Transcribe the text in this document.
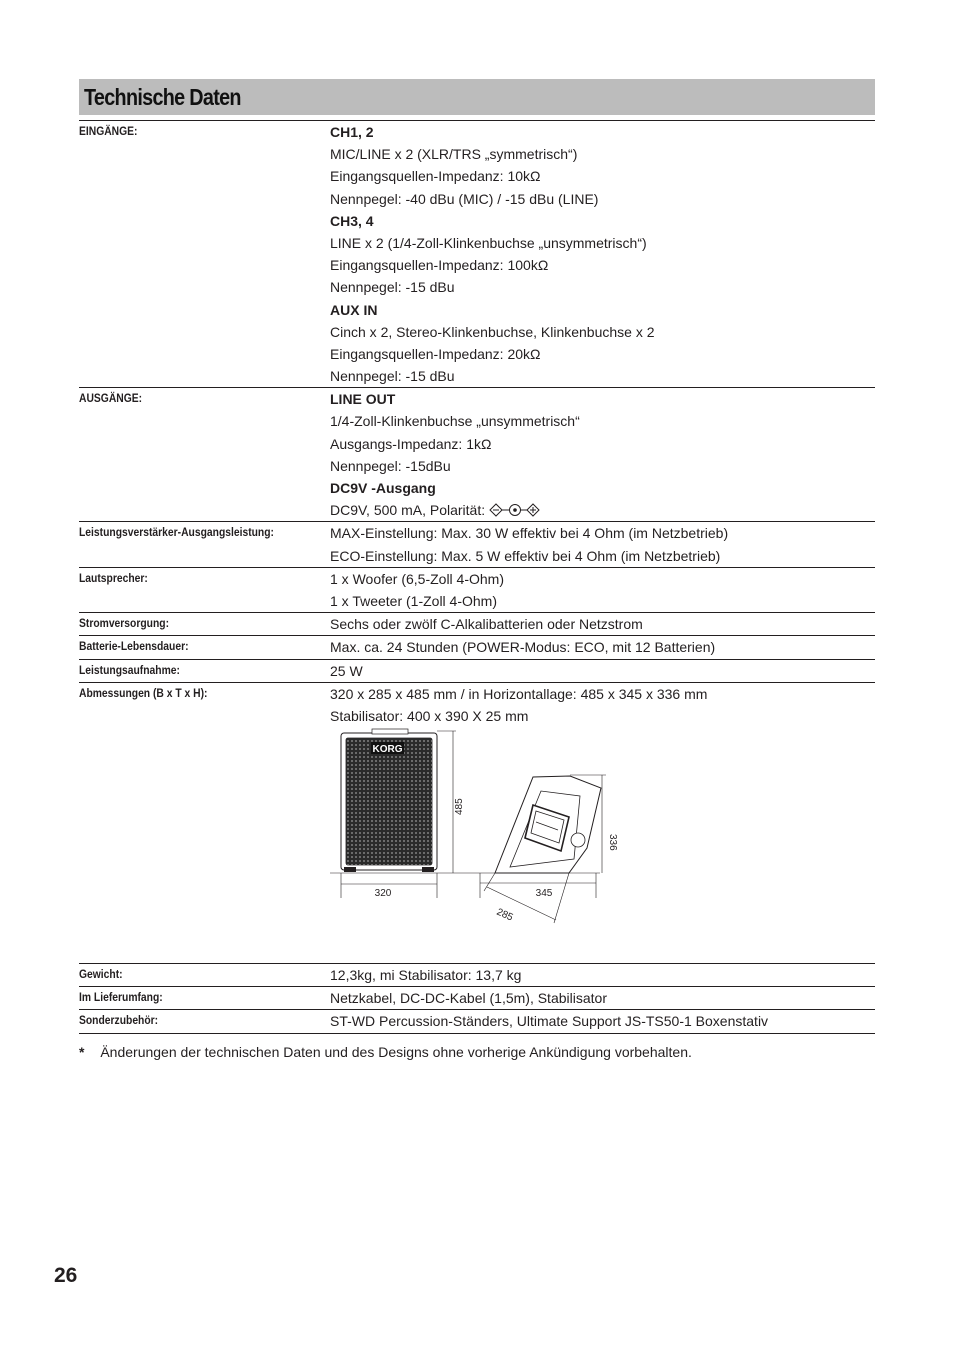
Technische Daten
EINGÄNGE:	CH1, 2
MIC/LINE x 2 (XLR/TRS „symmetrisch“)
Eingangsquellen-Impedanz: 10kΩ
Nennpegel: -40 dBu (MIC) / -15 dBu (LINE)
CH3, 4
LINE x 2 (1/4-Zoll-Klinkenbuchse „unsymmetrisch“)
Eingangsquellen-Impedanz: 100kΩ
Nennpegel: -15 dBu
AUX IN
Cinch x 2, Stereo-Klinkenbuchse, Klinkenbuchse x 2
Eingangsquellen-Impedanz: 20kΩ
Nennpegel: -15 dBu
AUSGÄNGE:	LINE OUT
1/4-Zoll-Klinkenbuchse „unsymmetrisch“
Ausgangs-Impedanz: 1kΩ
Nennpegel: -15dBu
DC9V -Ausgang
DC9V, 500 mA, Polarität:
Leistungsverstärker-Ausgangsleistung:	MAX-Einstellung: Max. 30 W effektiv bei 4 Ohm (im Netzbetrieb)
ECO-Einstellung: Max. 5 W effektiv bei 4 Ohm (im Netzbetrieb)
Lautsprecher:	1 x Woofer (6,5-Zoll 4-Ohm)
1 x Tweeter (1-Zoll 4-Ohm)
Stromversorgung:	Sechs oder zwölf C-Alkalibatterien oder Netzstrom
Batterie-Lebensdauer:	Max. ca. 24 Stunden (POWER-Modus: ECO, mit 12 Batterien)
Leistungsaufnahme:	25 W
Abmessungen (B x T x H):	320 x 285 x 485 mm / in Horizontallage: 485 x 345 x 336 mm
Stabilisator: 400 x 390 X 25 mm
KORG
485
320
336
345
285
Gewicht:	12,3kg, mi Stabilisator: 13,7 kg
Im Lieferumfang:	Netzkabel, DC-DC-Kabel (1,5m), Stabilisator
Sonderzubehör:	ST-WD Percussion-Ständers, Ultimate Support JS-TS50-1 Boxenstativ
* Änderungen der technischen Daten und des Designs ohne vorherige Ankündigung vorbehalten.
26
